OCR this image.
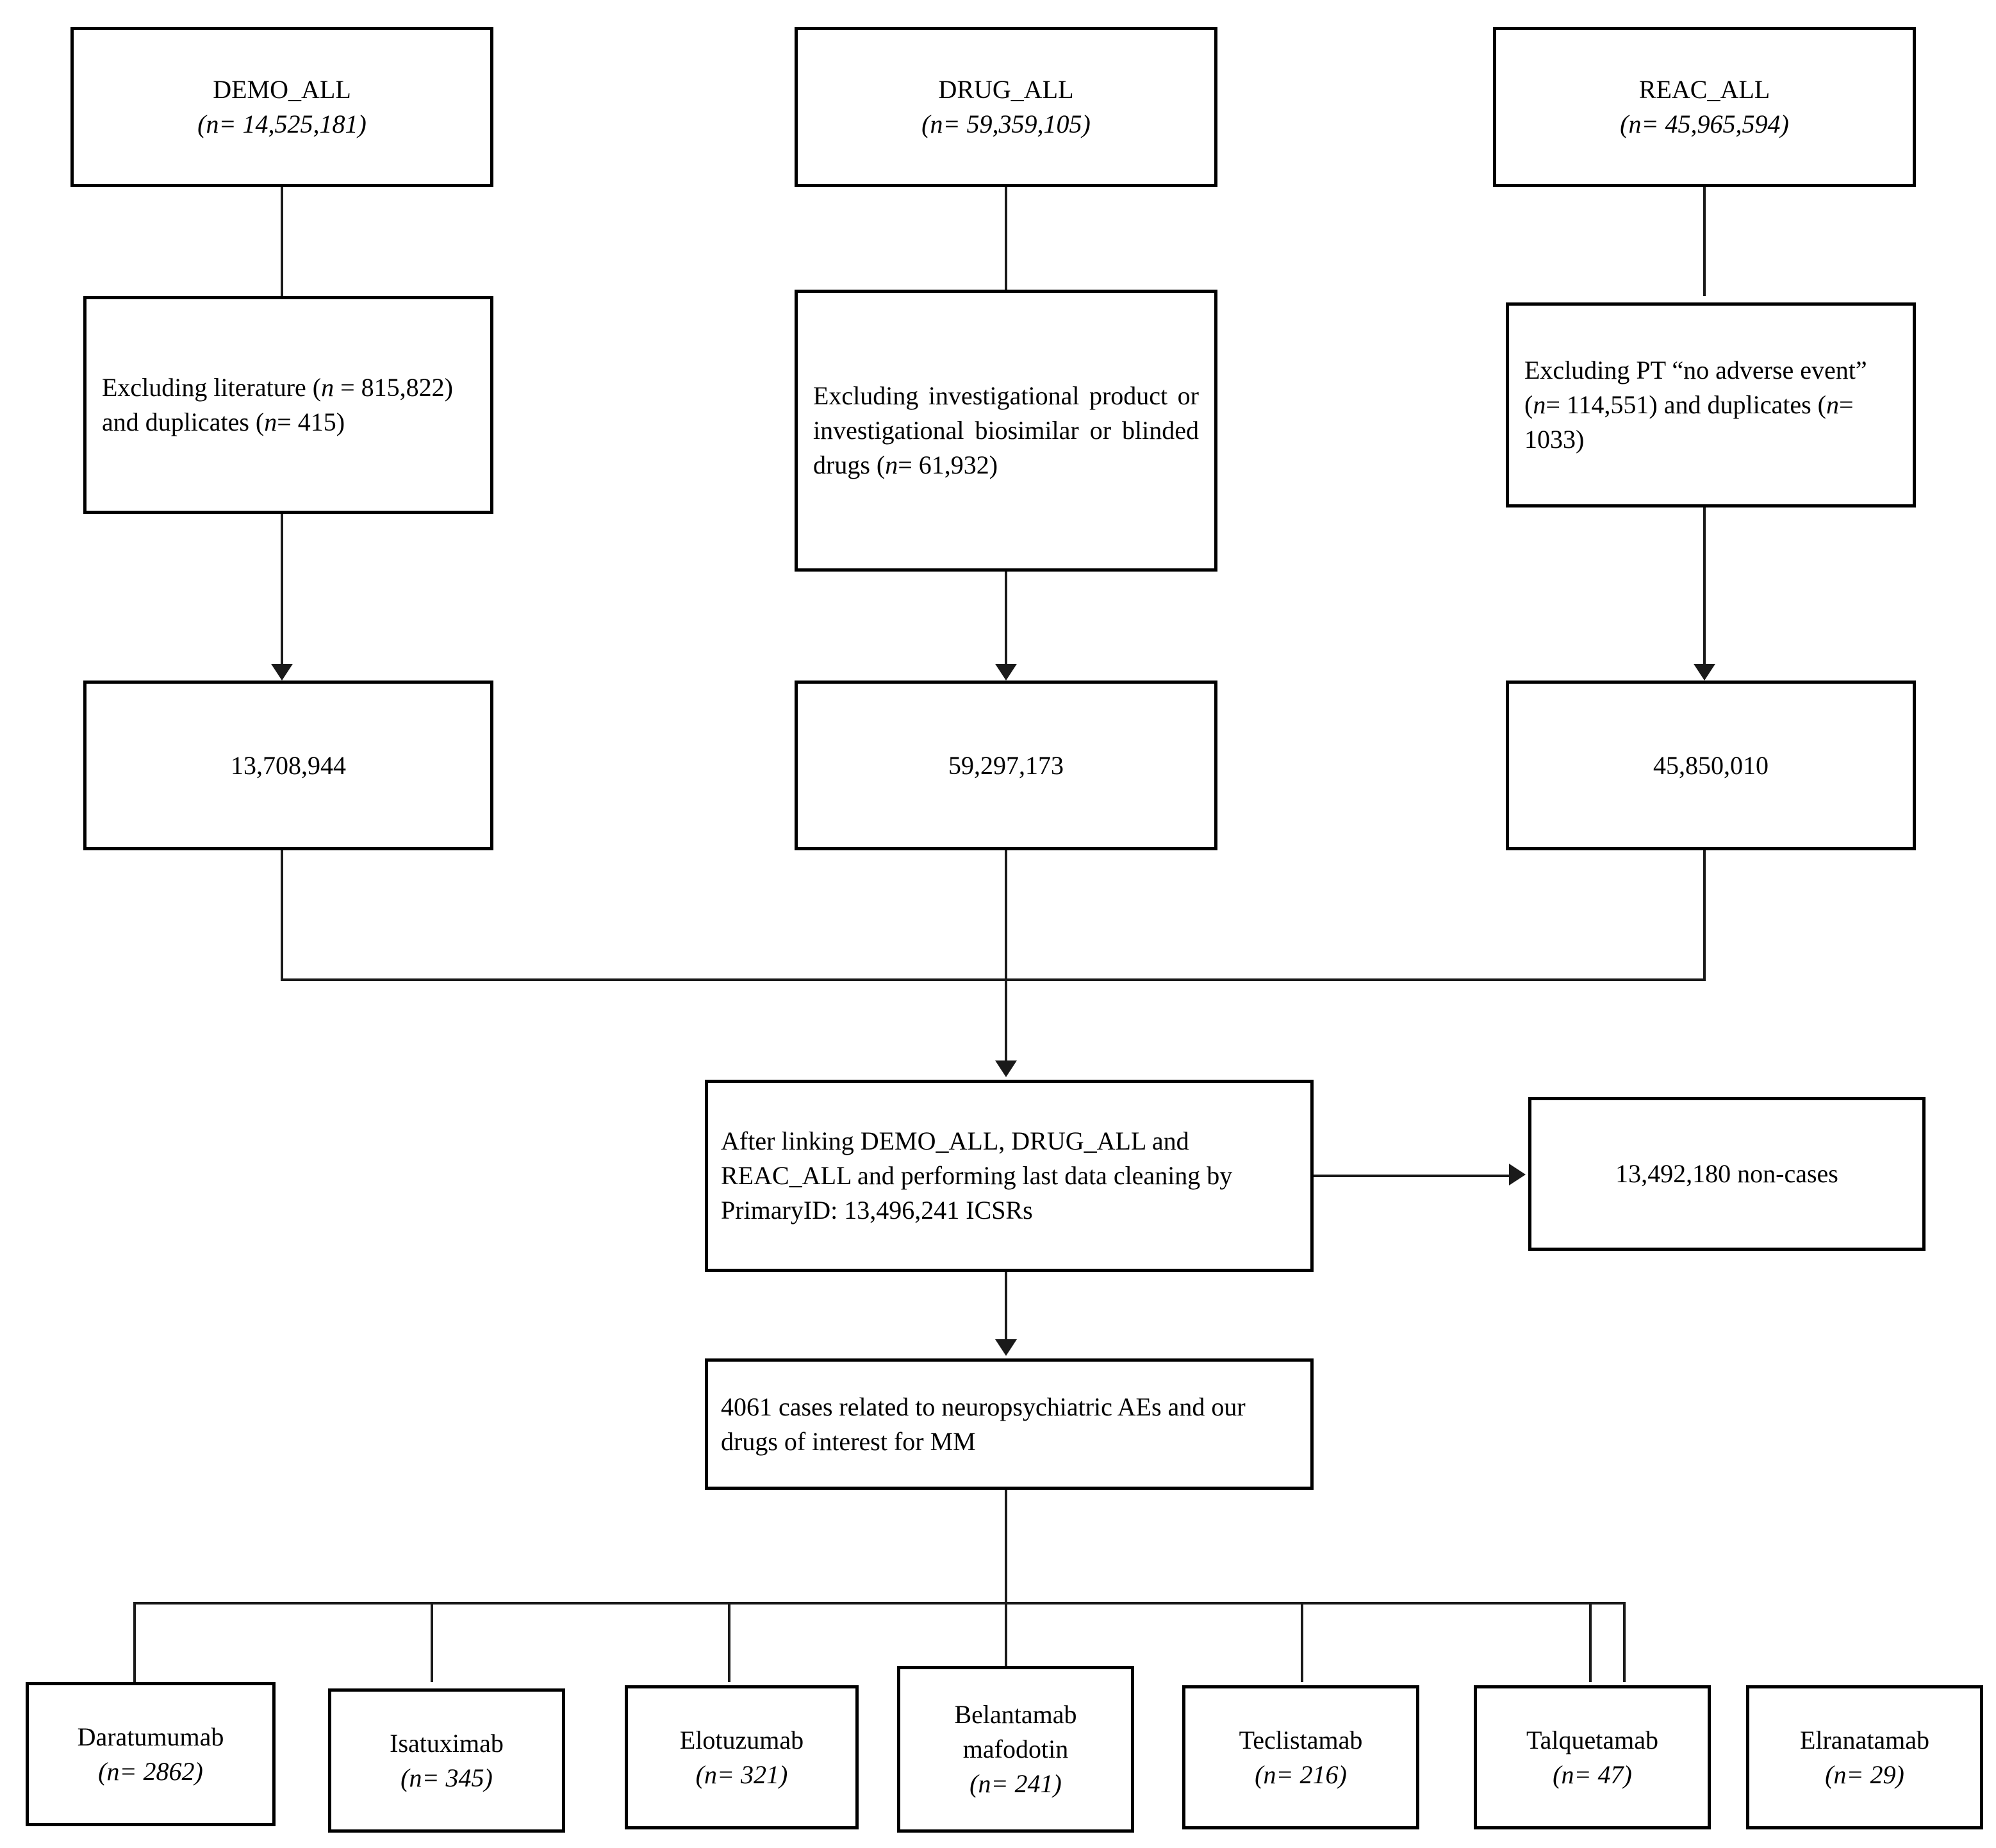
DEMO_ALL
(n= 14,525,181)
DRUG_ALL
(n= 59,359,105)
REAC_ALL
(n= 45,965,594)
Excluding literature (n = 815,822) and duplicates (n= 415)
Excluding investigational product or investigational biosimilar or blinded drugs (n= 61,932)
Excluding PT “no adverse event” (n= 114,551) and duplicates (n= 1033)
13,708,944	59,297,173	45,850,010
After linking DEMO_ALL, DRUG_ALL and REAC_ALL and performing last data cleaning by PrimaryID: 13,496,241 ICSRs
13,492,180 non-cases
4061 cases related to neuropsychiatric AEs and our drugs of interest for MM
Daratumumab
(n= 2862)
Isatuximab
(n= 345)
Elotuzumab
(n= 321)
Belantamab mafodotin
(n= 241)
Teclistamab
(n= 216)
Talquetamab
(n= 47)
Elranatamab
(n= 29)
